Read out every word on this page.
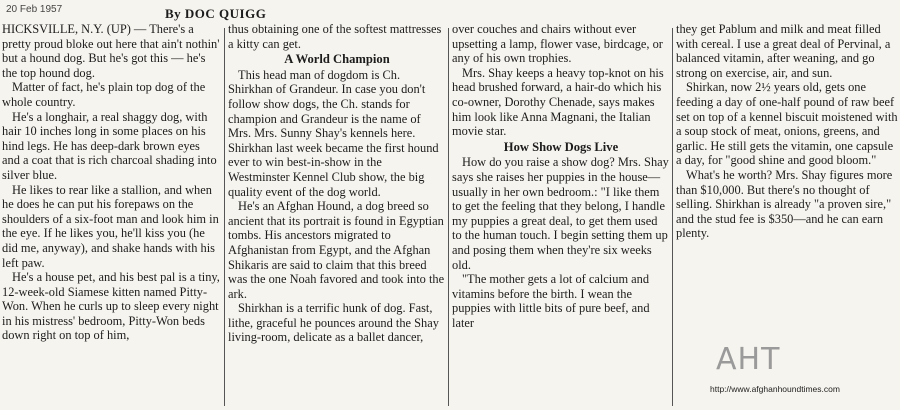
20 Feb 1957	By DOC QUIGG

HICKSVILLE, N.Y. (UP) — There's a pretty proud bloke out here that ain't nothin' but a hound dog. But he's got this — he's the top hound dog.

Matter of fact, he's plain top dog of the whole country.

He's a longhair, a real shaggy dog, with hair 10 inches long in some places on his hind legs. He has deep-dark brown eyes and a coat that is rich charcoal shading into silver blue.

He likes to rear like a stallion, and when he does he can put his forepaws on the shoulders of a six-foot man and look him in the eye. If he likes you, he'll kiss you (he did me, anyway), and shake hands with his left paw.

He's a house pet, and his best pal is a tiny, 12-week-old Siamese kitten named Pitty-Won. When he curls up to sleep every night in his mistress' bedroom, Pitty-Won beds down right on top of him,

thus obtaining one of the softest mattresses a kitty can get.

A World Champion

This head man of dogdom is Ch. Shirkhan of Grandeur. In case you don't follow show dogs, the Ch. stands for champion and Grandeur is the name of Mrs. Mrs. Sunny Shay's kennels here. Shirkhan last week became the first hound ever to win best-in-show in the Westminster Kennel Club show, the big quality event of the dog world.

He's an Afghan Hound, a dog breed so ancient that its portrait is found in Egyptian tombs. His ancestors migrated to Afghanistan from Egypt, and the Afghan Shikaris are said to claim that this breed was the one Noah favored and took into the ark.

Shirkhan is a terrific hunk of dog. Fast, lithe, graceful he pounces around the Shay living-room, delicate as a ballet dancer,

over couches and chairs without ever upsetting a lamp, flower vase, birdcage, or any of his own trophies.

Mrs. Shay keeps a heavy top-knot on his head brushed forward, a hair-do which his co-owner, Dorothy Chenade, says makes him look like Anna Magnani, the Italian movie star.

How Show Dogs Live

How do you raise a show dog? Mrs. Shay says she raises her puppies in the house—usually in her own bedroom.: "I like them to get the feeling that they belong, I handle my puppies a great deal, to get them used to the human touch. I begin setting them up and posing them when they're six weeks old.

"The mother gets a lot of calcium and vitamins before the birth. I wean the puppies with little bits of pure beef, and later

they get Pablum and milk and meat filled with cereal. I use a great deal of Pervinal, a balanced vitamin, after weaning, and go strong on exercise, air, and sun.

Shirkan, now 2½ years old, gets one feeding a day of one-half pound of raw beef set on top of a kennel biscuit moistened with a soup stock of meat, onions, greens, and garlic. He still gets the vitamin, one capsule a day, for "good shine and good bloom."

What's he worth? Mrs. Shay figures more than $10,000. But there's no thought of selling. Shirkhan is already "a proven sire," and the stud fee is $350—and he can earn plenty.

AHT
http://www.afghanhoundtimes.com
